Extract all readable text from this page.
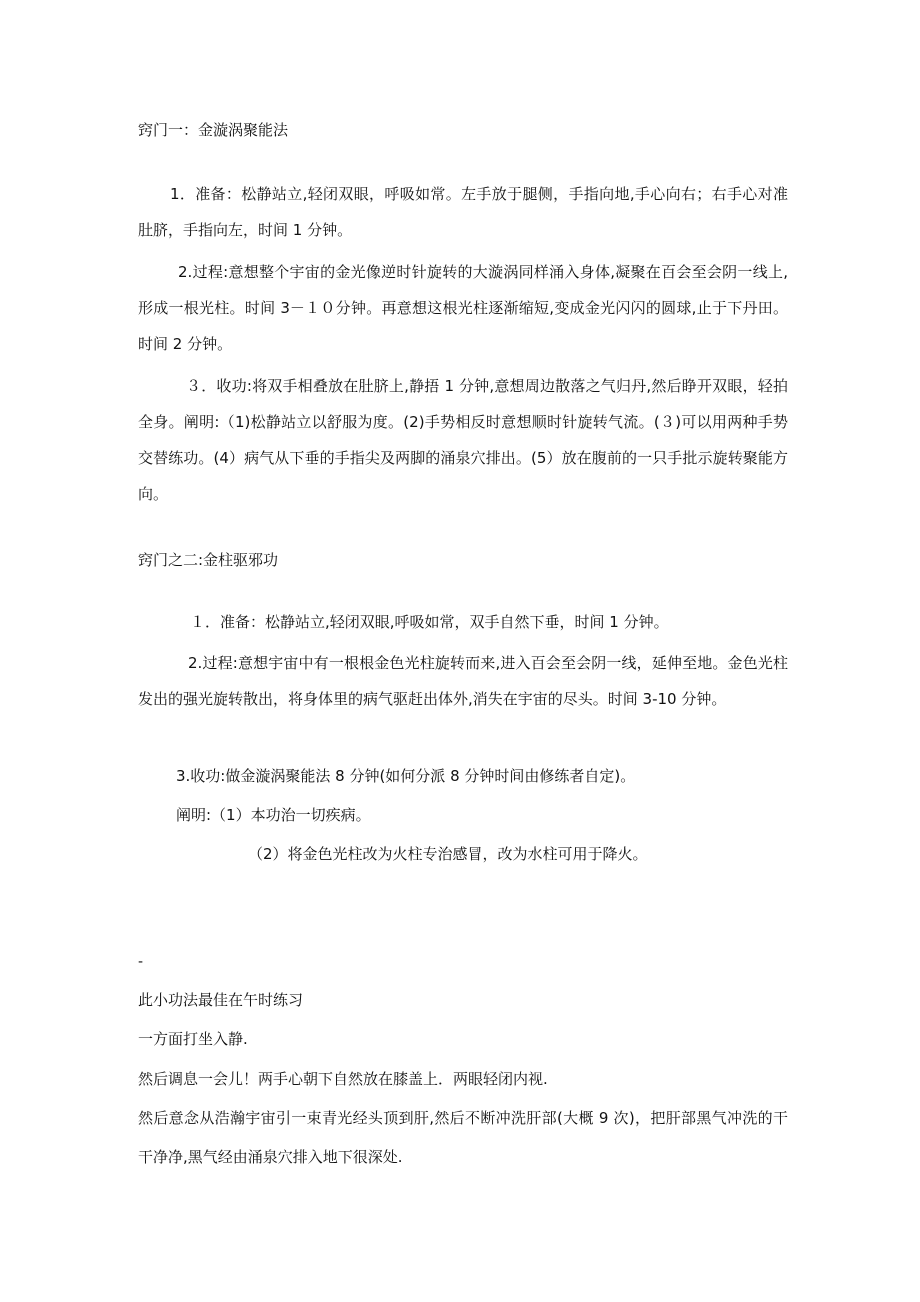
窍门一：金漩涡聚能法

1．准备：松静站立,轻闭双眼，呼吸如常。左手放于腿侧，手指向地,手心向右；右手心对准肚脐，手指向左，时间 1 分钟。

2.过程:意想整个宇宙的金光像逆时针旋转的大漩涡同样涌入身体,凝聚在百会至会阴一线上,形成一根光柱。时间 3－１０分钟。再意想这根光柱逐渐缩短,变成金光闪闪的圆球,止于下丹田。时间 2 分钟。

３．收功:将双手相叠放在肚脐上,静捂 1 分钟,意想周边散落之气归丹,然后睁开双眼，轻拍全身。阐明:（1)松静站立以舒服为度。(2)手势相反时意想顺时针旋转气流。(３)可以用两种手势交替练功。(4）病气从下垂的手指尖及两脚的涌泉穴排出。(5）放在腹前的一只手批示旋转聚能方向。

窍门之二:金柱驱邪功

１．准备：松静站立,轻闭双眼,呼吸如常，双手自然下垂，时间 1 分钟。

2.过程:意想宇宙中有一根根金色光柱旋转而来,进入百会至会阴一线，延伸至地。金色光柱发出的强光旋转散出，将身体里的病气驱赶出体外,消失在宇宙的尽头。时间 3-10 分钟。

3.收功:做金漩涡聚能法 8 分钟(如何分派 8 分钟时间由修练者自定)。
阐明:（1）本功治一切疾病。
（2）将金色光柱改为火柱专治感冒，改为水柱可用于降火。
-
此小功法最佳在午时练习
一方面打坐入静.
然后调息一会儿！两手心朝下自然放在膝盖上．两眼轻闭内视.

然后意念从浩瀚宇宙引一束青光经头顶到肝,然后不断冲洗肝部(大概 9 次)，把肝部黑气冲洗的干干净净,黑气经由涌泉穴排入地下很深处.
